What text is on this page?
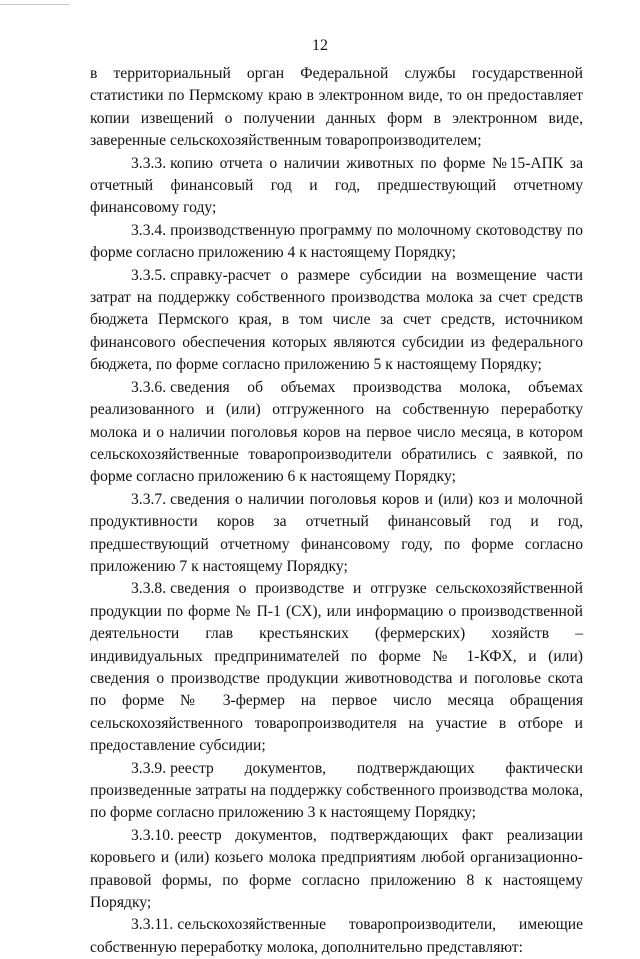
12

в территориальный орган Федеральной службы государственной статистики по Пермскому краю в электронном виде, то он предоставляет копии извещений о получении данных форм в электронном виде, заверенные сельскохозяйственным товаропроизводителем;

3.3.3. копию отчета о наличии животных по форме №15-АПК за отчетный финансовый год и год, предшествующий отчетному финансовому году;

3.3.4. производственную программу по молочному скотоводству по форме согласно приложению 4 к настоящему Порядку;

3.3.5. справку-расчет о размере субсидии на возмещение части затрат на поддержку собственного производства молока за счет средств бюджета Пермского края, в том числе за счет средств, источником финансового обеспечения которых являются субсидии из федерального бюджета, по форме согласно приложению 5 к настоящему Порядку;

3.3.6. сведения об объемах производства молока, объемах реализованного и (или) отгруженного на собственную переработку молока и о наличии поголовья коров на первое число месяца, в котором сельскохозяйственные товаропроизводители обратились с заявкой, по форме согласно приложению 6 к настоящему Порядку;

3.3.7. сведения о наличии поголовья коров и (или) коз и молочной продуктивности коров за отчетный финансовый год и год, предшествующий отчетному финансовому году, по форме согласно приложению 7 к настоящему Порядку;

3.3.8. сведения о производстве и отгрузке сельскохозяйственной продукции по форме № П-1 (СХ), или информацию о производственной деятельности глав крестьянских (фермерских) хозяйств – индивидуальных предпринимателей по форме № 1-КФХ, и (или) сведения о производстве продукции животноводства и поголовье скота по форме № 3-фермер на первое число месяца обращения сельскохозяйственного товаропроизводителя на участие в отборе и предоставление субсидии;

3.3.9. реестр документов, подтверждающих фактически произведенные затраты на поддержку собственного производства молока, по форме согласно приложению 3 к настоящему Порядку;

3.3.10. реестр документов, подтверждающих факт реализации коровьего и (или) козьего молока предприятиям любой организационно-правовой формы, по форме согласно приложению 8 к настоящему Порядку;

3.3.11. сельскохозяйственные товаропроизводители, имеющие собственную переработку молока, дополнительно представляют:
